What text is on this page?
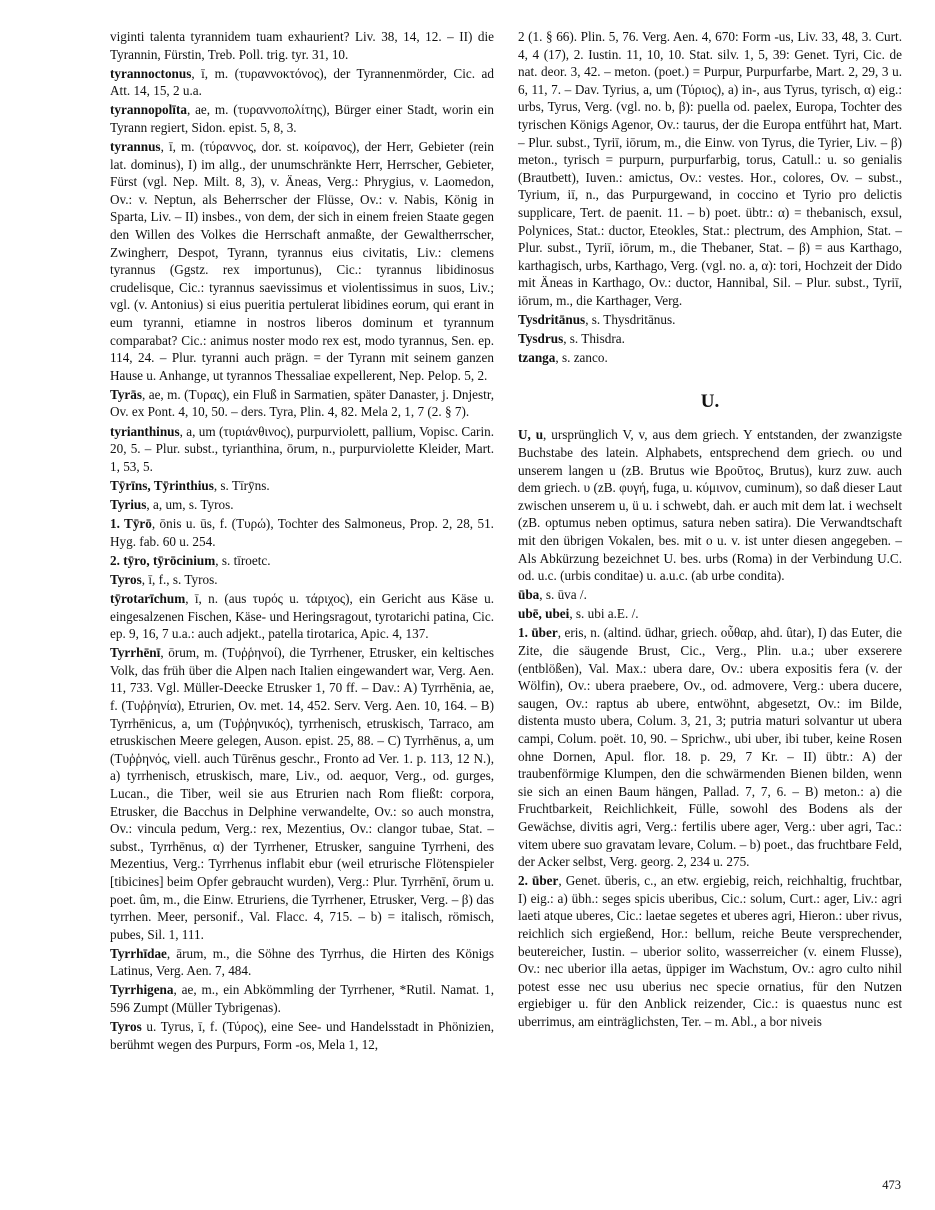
viginti talenta tyrannidem tuam exhaurient? Liv. 38, 14, 12. – II) die Tyrannin, Fürstin, Treb. Poll. trig. tyr. 31, 10.

tyrannoctonus, ī, m. (τυραννοκτόνος), der Tyrannenmörder, Cic. ad Att. 14, 15, 2 u.a.

tyrannopolīta, ae, m. (τυραννοπολίτης), Bürger einer Stadt, worin ein Tyrann regiert, Sidon. epist. 5, 8, 3.

tyrannus, ī, m. (τύραννος, dor. st. κοίρανος), der Herr, Gebieter (rein lat. dominus), I) im allg., der unumschränkte Herr, Herrscher, Gebieter, Fürst (vgl. Nep. Milt. 8, 3), v. Äneas, Verg.: Phrygius, v. Laomedon, Ov.: v. Neptun, als Beherrscher der Flüsse, Ov.: v. Nabis, König in Sparta, Liv. – II) insbes., von dem, der sich in einem freien Staate gegen den Willen des Volkes die Herrschaft anmaßte, der Gewaltherrscher, Zwingherr, Despot, Tyrann, tyrannus eius civitatis, Liv.: clemens tyrannus (Ggstz. rex importunus), Cic.: tyrannus libidinosus crudelisque, Cic.: tyrannus saevissimus et violentissimus in suos, Liv.; vgl. (v. Antonius) si eius pueritia pertulerat libidines eorum, qui erant in eum tyranni, etiamne in nostros liberos dominum et tyrannum comparabat? Cic.: animus noster modo rex est, modo tyrannus, Sen. ep. 114, 24. – Plur. tyranni auch prägn. = der Tyrann mit seinem ganzen Hause u. Anhange, ut tyrannos Thessaliae expellerent, Nep. Pelop. 5, 2.

Tyrās, ae, m. (Τυρας), ein Fluß in Sarmatien, später Danaster, j. Dnjestr, Ov. ex Pont. 4, 10, 50. – ders. Tyra, Plin. 4, 82. Mela 2, 1, 7 (2. § 7).

tyrianthinus, a, um (τυριάνθινος), purpurviolett, pallium, Vopisc. Carin. 20, 5. – Plur. subst., tyrianthina, ōrum, n., purpurviolette Kleider, Mart. 1, 53, 5.

Tȳrīns, Tȳrinthius, s. Tīrȳns.

Tyrius, a, um, s. Tyros.

1. Tȳrō, ōnis u. ūs, f. (Τυρώ), Tochter des Salmoneus, Prop. 2, 28, 51. Hyg. fab. 60 u. 254.

2. tȳro, tȳrōcinium, s. tīroetc.

Tyros, ī, f., s. Tyros.

tȳrotarīchum, ī, n. (aus τυρός u. τάριχος), ein Gericht aus Käse u. eingesalzenen Fischen, Käse- und Heringsragout, tyrotarichi patina, Cic. ep. 9, 16, 7 u.a.: auch adjekt., patella tirotarica, Apic. 4, 137.

Tyrrhēnī, ōrum, m. (Τυῤῥηνοί), die Tyrrhener, Etrusker, ein keltisches Volk, das früh über die Alpen nach Italien eingewandert war, Verg. Aen. 11, 733. Vgl. Müller-Deecke Etrusker 1, 70 ff. – Dav.: A) Tyrrhēnia, ae, f. (Τυῤῥηνία), Etrurien, Ov. met. 14, 452. Serv. Verg. Aen. 10, 164. – B) Tyrrhēnicus, a, um (Τυῤῥηνικός), tyrrhenisch, etruskisch, Tarraco, am etruskischen Meere gelegen, Auson. epist. 25, 88. – C) Tyrrhēnus, a, um (Τυῤῥηνός, viell. auch Tūrēnus geschr., Fronto ad Ver. 1. p. 113, 12 N.), a) tyrrhenisch, etruskisch, mare, Liv., od. aequor, Verg., od. gurges, Lucan., die Tiber, weil sie aus Etrurien nach Rom fließt: corpora, Etrusker, die Bacchus in Delphine verwandelte, Ov.: so auch monstra, Ov.: vincula pedum, Verg.: rex, Mezentius, Ov.: clangor tubae, Stat. – subst., Tyrrhēnus, α) der Tyrrhener, Etrusker, sanguine Tyrrheni, des Mezentius, Verg.: Tyrrhenus inflabit ebur (weil etrurische Flötenspieler [tibicines] beim Opfer gebraucht wurden), Verg.: Plur. Tyrrhēnī, ōrum u. poet. ûm, m., die Einw. Etruriens, die Tyrrhener, Etrusker, Verg. – β) das tyrrhen. Meer, personif., Val. Flacc. 4, 715. – b) = italisch, römisch, pubes, Sil. 1, 111.

Tyrrhīdae, ārum, m., die Söhne des Tyrrhus, die Hirten des Königs Latinus, Verg. Aen. 7, 484.

Tyrrhigena, ae, m., ein Abkömmling der Tyrrhener, *Rutil. Namat. 1, 596 Zumpt (Müller Tybrigenas).

Tyros u. Tyrus, ī, f. (Τύρος), eine See- und Handelsstadt in Phönizien, berühmt wegen des Purpurs, Form -os, Mela 1, 12,

2 (1. § 66). Plin. 5, 76. Verg. Aen. 4, 670: Form -us, Liv. 33, 48, 3. Curt. 4, 4 (17), 2. Iustin. 11, 10, 10. Stat. silv. 1, 5, 39: Genet. Tyri, Cic. de nat. deor. 3, 42. – meton. (poet.) = Purpur, Purpurfarbe, Mart. 2, 29, 3 u. 6, 11, 7. – Dav. Tyrius, a, um (Τύριος), a) in-, aus Tyrus, tyrisch, α) eig.: urbs, Tyrus, Verg. (vgl. no. b, β): puella od. paelex, Europa, Tochter des tyrischen Königs Agenor, Ov.: taurus, der die Europa entführt hat, Mart. – Plur. subst., Tyriī, iōrum, m., die Einw. von Tyrus, die Tyrier, Liv. – β) meton., tyrisch = purpurn, purpurfarbig, torus, Catull.: u. so genialis (Brautbett), Iuven.: amictus, Ov.: vestes. Hor., colores, Ov. – subst., Tyrium, iī, n., das Purpurgewand, in coccino et Tyrio pro delictis supplicare, Tert. de paenit. 11. – b) poet. übtr.: α) = thebanisch, exsul, Polynices, Stat.: ductor, Eteokles, Stat.: plectrum, des Amphion, Stat. – Plur. subst., Tyriī, iōrum, m., die Thebaner, Stat. – β) = aus Karthago, karthagisch, urbs, Karthago, Verg. (vgl. no. a, α): tori, Hochzeit der Dido mit Äneas in Karthago, Ov.: ductor, Hannibal, Sil. – Plur. subst., Tyriī, iōrum, m., die Karthager, Verg.

Tysdritānus, s. Thysdritānus.

Tysdrus, s. Thisdra.

tzanga, s. zanco.

U.

U, u, ursprünglich V, v, aus dem griech. Y entstanden, der zwanzigste Buchstabe des latein. Alphabets, entsprechend dem griech. ου und unserem langen u (zB. Brutus wie Βροῦτος, Brutus), kurz zuw. auch dem griech. υ (zB. φυγή, fuga, u. κύμινον, cuminum), so daß dieser Laut zwischen unserem u, ü u. i schwebt, dah. er auch mit dem lat. i wechselt (zB. optumus neben optimus, satura neben satira). Die Verwandtschaft mit den übrigen Vokalen, bes. mit o u. v. ist unter diesen angegeben. – Als Abkürzung bezeichnet U. bes. urbs (Roma) in der Verbindung U.C. od. u.c. (urbis conditae) u. a.u.c. (ab urbe condita).

ūba, s. ūva /.

ubē, ubei, s. ubi a.E. /.

1. ūber, eris, n. (altind. ūdhar, griech. οὖθαρ, ahd. ûtar), I) das Euter, die Zite, die säugende Brust, Cic., Verg., Plin. u.a.; uber exserere (entblößen), Val. Max.: ubera dare, Ov.: ubera expositis fera (v. der Wölfin), Ov.: ubera praebere, Ov., od. admovere, Verg.: ubera ducere, saugen, Ov.: raptus ab ubere, entwöhnt, abgesetzt, Ov.: im Bilde, distenta musto ubera, Colum. 3, 21, 3; putria maturi solvantur ut ubera campi, Colum. poët. 10, 90. – Sprichw., ubi uber, ibi tuber, keine Rosen ohne Dornen, Apul. flor. 18. p. 29, 7 Kr. – II) übtr.: A) der traubenförmige Klumpen, den die schwärmenden Bienen bilden, wenn sie sich an einen Baum hängen, Pallad. 7, 7, 6. – B) meton.: a) die Fruchtbarkeit, Reichlichkeit, Fülle, sowohl des Bodens als der Gewächse, divitis agri, Verg.: fertilis ubere ager, Verg.: uber agri, Tac.: vitem ubere suo gravatam levare, Colum. – b) poet., das fruchtbare Feld, der Acker selbst, Verg. georg. 2, 234 u. 275.

2. ūber, Genet. ūberis, c., an etw. ergiebig, reich, reichhaltig, fruchtbar, I) eig.: a) übh.: seges spicis uberibus, Cic.: solum, Curt.: ager, Liv.: agri laeti atque uberes, Cic.: laetae segetes et uberes agri, Hieron.: uber rivus, reichlich sich ergießend, Hor.: bellum, reiche Beute versprechender, beutereicher, Iustin. – uberior solito, wasserreicher (v. einem Flusse), Ov.: nec uberior illa aetas, üppiger im Wachstum, Ov.: agro culto nihil potest esse nec usu uberius nec specie ornatius, für den Nutzen ergiebiger u. für den Anblick reizender, Cic.: is quaestus nunc est uberrimus, am einträglichsten, Ter. – m. Abl., a bor niveis

473
